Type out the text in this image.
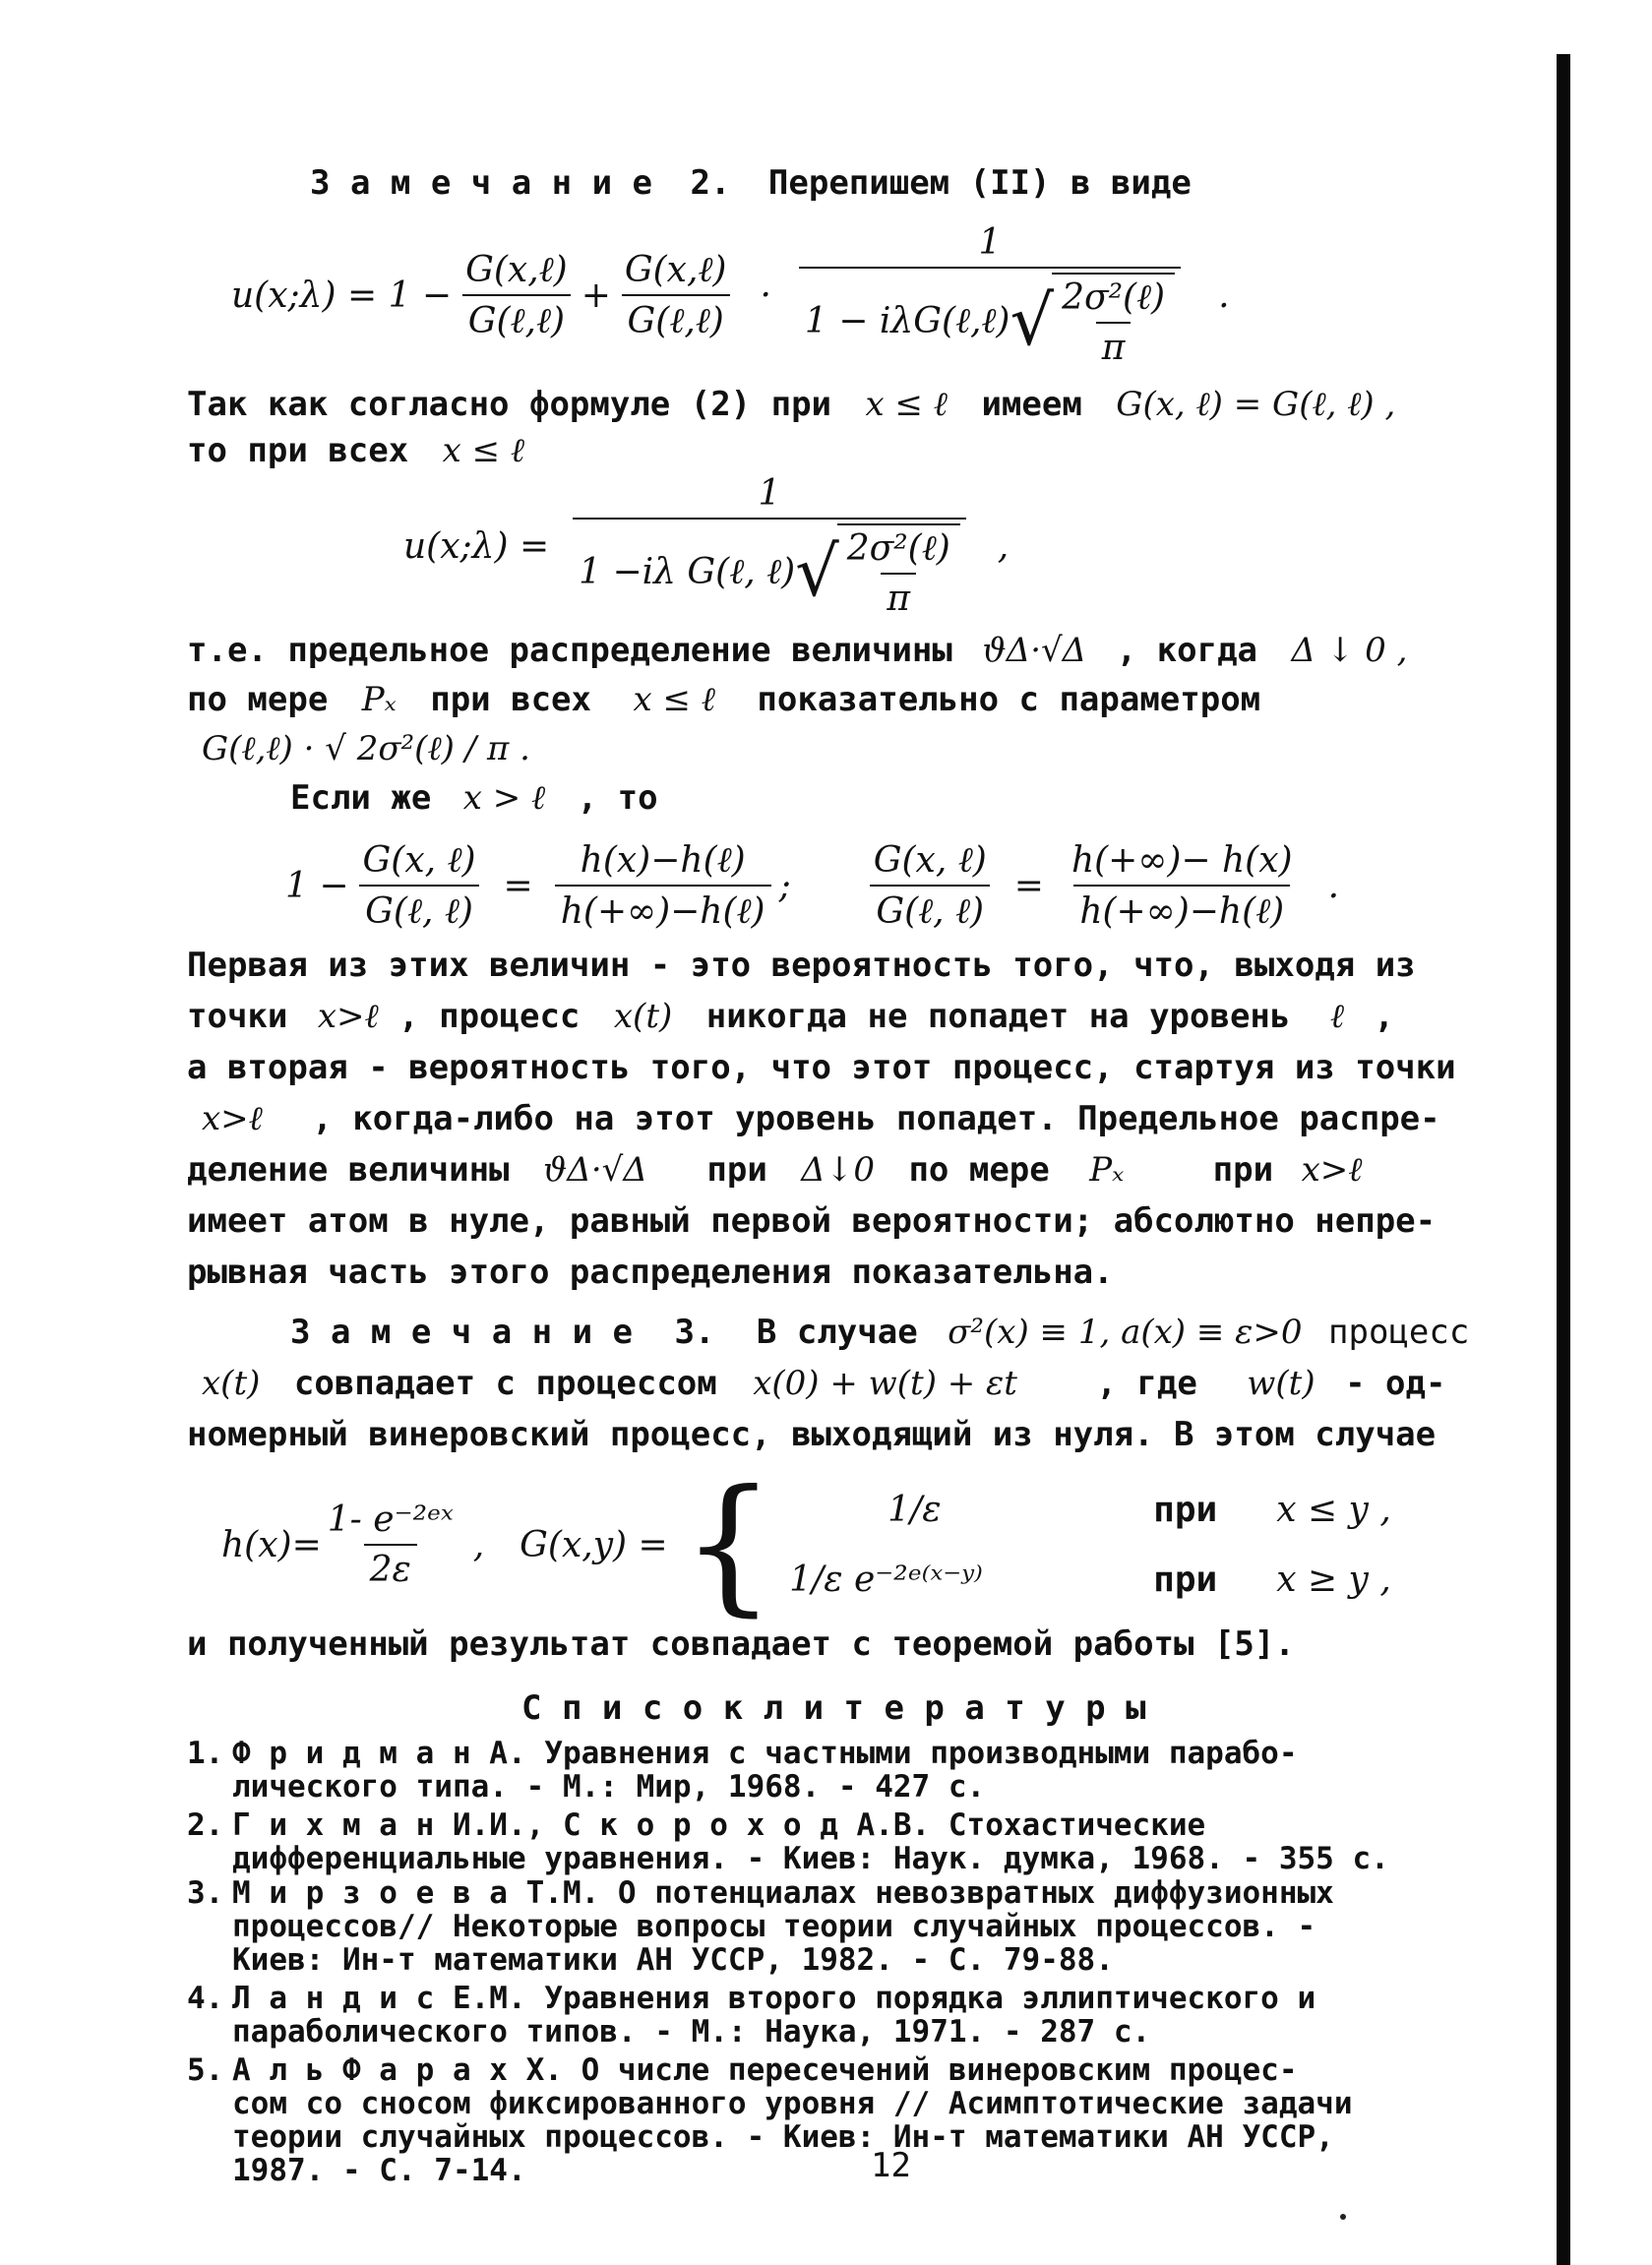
З а м е ч а н и е 2. Перепишем (II) в виде
u(x;λ) = $1 - \frac{\text{G(x,ℓ)}}{\text{G(ℓ,ℓ)}} + \frac{\text{G(x,ℓ)}}{\text{G(ℓ,ℓ)}}$ ·
1
1 − iλG(ℓ,ℓ) √
$\frac{\text{2σ²(ℓ)}}{\pi}$ .
Так как согласно формуле (2) при x ≤ ℓ имеем G(x, ℓ) = G(ℓ, ℓ) ,
то при всех x ≤ ℓ
u(x;λ) =
1
1 −iλ G(ℓ, ℓ) √
$\frac{\text{2σ²(ℓ)}}{\pi}$ ,
т.е. предельное распределение величины ϑΔ·√Δ , когда Δ ↓ 0 ,
по мере Pₓ при всех x ≤ ℓ показательно с параметром
G(ℓ,ℓ) · √ 2σ²(ℓ) / π .
Если же x > ℓ , то
$1 - \frac{\text{G(x, ℓ)}}{\text{G(ℓ, ℓ)}} = \frac{\text{h(x)−h(ℓ)}}{\text{h(+∞)−h(ℓ)}}$ ; $\frac{\text{G(x, ℓ)}}{\text{G(ℓ, ℓ)}} = \frac{h(+\infty)- h(x)}{\text{h(+∞)−h(ℓ)}}$ .
Первая из этих величин - это вероятность того, что, выходя из
точки x>ℓ , процесс x(t) никогда не попадет на уровень ℓ ,
а вторая - вероятность того, что этот процесс, стартуя из точки
x>ℓ , когда-либо на этот уровень попадет. Предельное распре-
деление величины ϑΔ·√Δ при Δ↓0 по мере Pₓ	при x>ℓ
имеет атом в нуле, равный первой вероятности; абсолютно непре-
рывная часть этого распределения показательна.
З а м е ч а н и е 3. В случае σ²(x) ≡ 1, a(x) ≡ ε>0 процесс
x(t) совпадает с процессом x(0) + w(t) + εt , где w(t) - од-
номерный винеровский процесс, выходящий из нуля. В этом случае
$h(x)= \frac{\text{1- e⁻²ᵉˣ}}{2\varepsilon}$ , G(x,y) = {	1/ε	при x ≤ y ,
1/ε e⁻²ᵉ⁽ˣ⁻ʸ⁾	при x ≥ y ,
и полученный результат совпадает с теоремой работы [5].
С п и с о к л и т е р а т у р ы
1. Ф р и д м а н А. Уравнения с частными производными парабо-
лического типа. - М.: Мир, 1968. - 427 с.
2. Г и х м а н И.И., С к о р о х о д А.В. Стохастические
дифференциальные уравнения. - Киев: Наук. думка, 1968. - 355 с.
3. М и р з о е в а Т.М. О потенциалах невозвратных диффузионных
процессов// Некоторые вопросы теории случайных процессов. -
Киев: Ин-т математики АН УССР, 1982. - С. 79-88.
4. Л а н д и с Е.М. Уравнения второго порядка эллиптического и
параболического типов. - М.: Наука, 1971. - 287 с.
5. А л ь Ф а р а х Х. О числе пересечений винеровским процес-
сом со сносом фиксированного уровня // Асимптотические задачи
теории случайных процессов. - Киев: Ин-т математики АН УССР,
1987. - С. 7-14.	12
